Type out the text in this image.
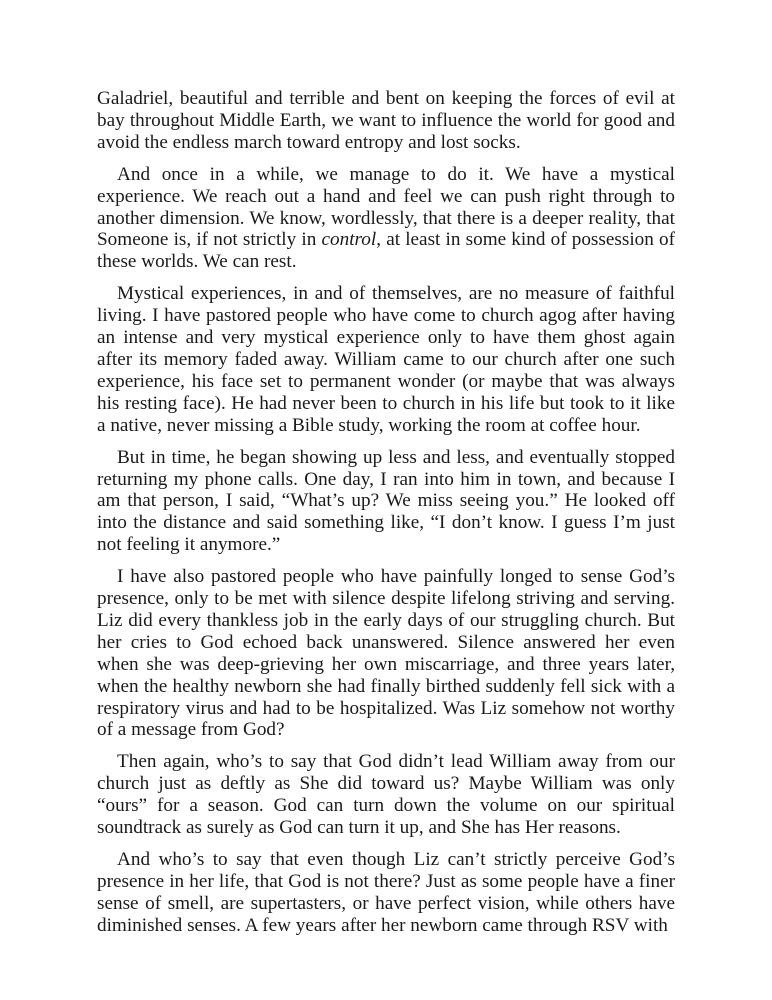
Galadriel, beautiful and terrible and bent on keeping the forces of evil at bay throughout Middle Earth, we want to influence the world for good and avoid the endless march toward entropy and lost socks.

And once in a while, we manage to do it. We have a mystical experience. We reach out a hand and feel we can push right through to another dimension. We know, wordlessly, that there is a deeper reality, that Someone is, if not strictly in control, at least in some kind of possession of these worlds. We can rest.

Mystical experiences, in and of themselves, are no measure of faithful living. I have pastored people who have come to church agog after having an intense and very mystical experience only to have them ghost again after its memory faded away. William came to our church after one such experience, his face set to permanent wonder (or maybe that was always his resting face). He had never been to church in his life but took to it like a native, never missing a Bible study, working the room at coffee hour.

But in time, he began showing up less and less, and eventually stopped returning my phone calls. One day, I ran into him in town, and because I am that person, I said, “What’s up? We miss seeing you.” He looked off into the distance and said something like, “I don’t know. I guess I’m just not feeling it anymore.”

I have also pastored people who have painfully longed to sense God’s presence, only to be met with silence despite lifelong striving and serving. Liz did every thankless job in the early days of our struggling church. But her cries to God echoed back unanswered. Silence answered her even when she was deep-grieving her own miscarriage, and three years later, when the healthy newborn she had finally birthed suddenly fell sick with a respiratory virus and had to be hospitalized. Was Liz somehow not worthy of a message from God?

Then again, who’s to say that God didn’t lead William away from our church just as deftly as She did toward us? Maybe William was only “ours” for a season. God can turn down the volume on our spiritual soundtrack as surely as God can turn it up, and She has Her reasons.

And who’s to say that even though Liz can’t strictly perceive God’s presence in her life, that God is not there? Just as some people have a finer sense of smell, are supertasters, or have perfect vision, while others have diminished senses. A few years after her newborn came through RSV with
